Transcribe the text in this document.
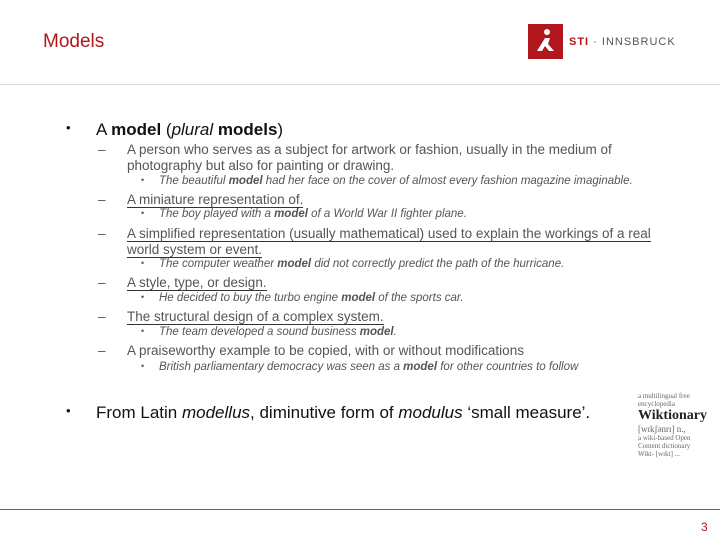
Models	STI · INNSBRUCK
• A model (plural models)
– A person who serves as a subject for artwork or fashion, usually in the medium of photography but also for painting or drawing.
• The beautiful model had her face on the cover of almost every fashion magazine imaginable.
– A miniature representation of.
• The boy played with a model of a World War II fighter plane.
– A simplified representation (usually mathematical) used to explain the workings of a real world system or event.
• The computer weather model did not correctly predict the path of the hurricane.
– A style, type, or design.
• He decided to buy the turbo engine model of the sports car.
– The structural design of a complex system.
• The team developed a sound business model.
– A praiseworthy example to be copied, with or without modifications
• British parliamentary democracy was seen as a model for other countries to follow
• From Latin modellus, diminutive form of modulus ‘small measure’.
a multilingual free
encyclopedia
Wiktionary
[wɪkʃənrɪ] n.,
a wiki-based Open
Content dictionary
Wikt- [wɪkt] ...
3
